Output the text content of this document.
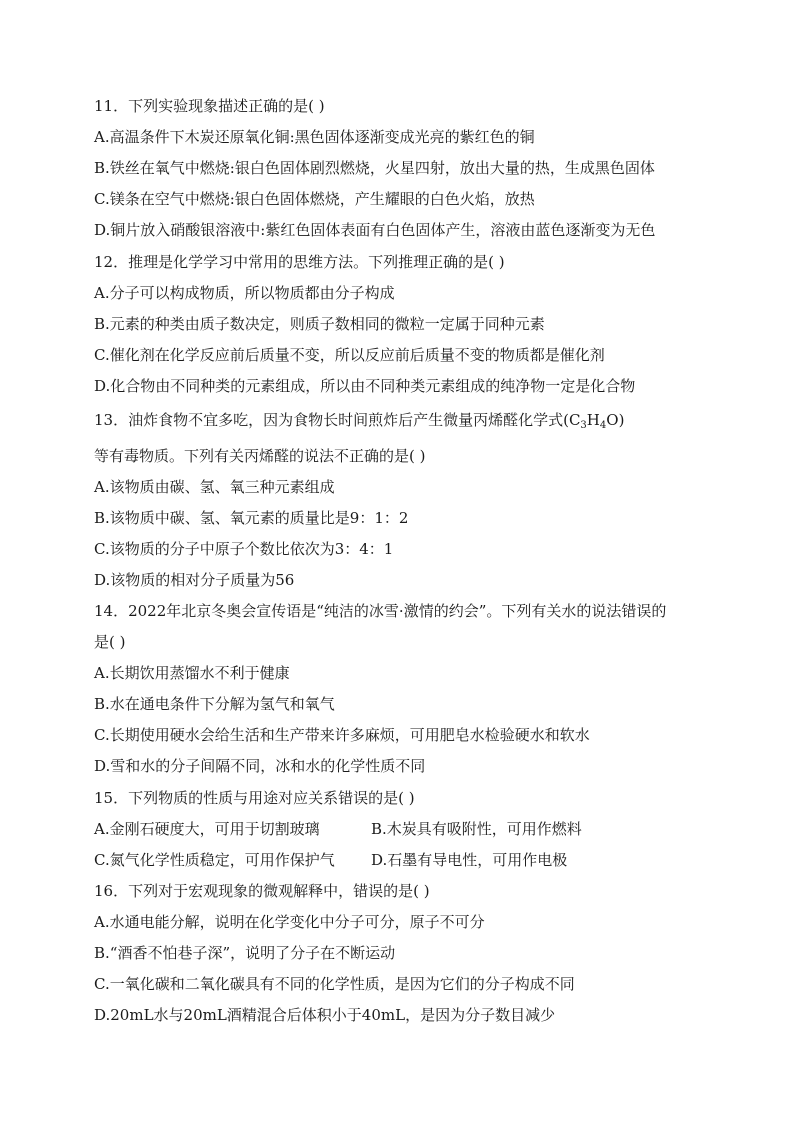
11．下列实验现象描述正确的是( )
A.高温条件下木炭还原氧化铜:黑色固体逐渐变成光亮的紫红色的铜
B.铁丝在氧气中燃烧:银白色固体剧烈燃烧，火星四射，放出大量的热，生成黑色固体
C.镁条在空气中燃烧:银白色固体燃烧，产生耀眼的白色火焰，放热
D.铜片放入硝酸银溶液中:紫红色固体表面有白色固体产生，溶液由蓝色逐渐变为无色
12．推理是化学学习中常用的思维方法。下列推理正确的是( )
A.分子可以构成物质，所以物质都由分子构成
B.元素的种类由质子数决定，则质子数相同的微粒一定属于同种元素
C.催化剂在化学反应前后质量不变，所以反应前后质量不变的物质都是催化剂
D.化合物由不同种类的元素组成，所以由不同种类元素组成的纯净物一定是化合物
13．油炸食物不宜多吃，因为食物长时间煎炸后产生微量丙烯醛化学式$(C_3H_4O)$
等有毒物质。下列有关丙烯醛的说法不正确的是( )
A.该物质由碳、氢、氧三种元素组成
B.该物质中碳、氢、氧元素的质量比是9：1：2
C.该物质的分子中原子个数比依次为3：4：1
D.该物质的相对分子质量为56
14．2022年北京冬奥会宣传语是“纯洁的冰雪·激情的约会”。下列有关水的说法错误的
是( )
A.长期饮用蒸馏水不利于健康
B.水在通电条件下分解为氢气和氧气
C.长期使用硬水会给生活和生产带来许多麻烦，可用肥皂水检验硬水和软水
D.雪和水的分子间隔不同，冰和水的化学性质不同
15．下列物质的性质与用途对应关系错误的是( )
A.金刚石硬度大，可用于切割玻璃	B.木炭具有吸附性，可用作燃料
C.氮气化学性质稳定，可用作保护气 D.石墨有导电性，可用作电极
16．下列对于宏观现象的微观解释中，错误的是( )
A.水通电能分解，说明在化学变化中分子可分，原子不可分
B.“酒香不怕巷子深”，说明了分子在不断运动
C.一氧化碳和二氧化碳具有不同的化学性质，是因为它们的分子构成不同
D.20mL水与20mL酒精混合后体积小于40mL，是因为分子数目减少
